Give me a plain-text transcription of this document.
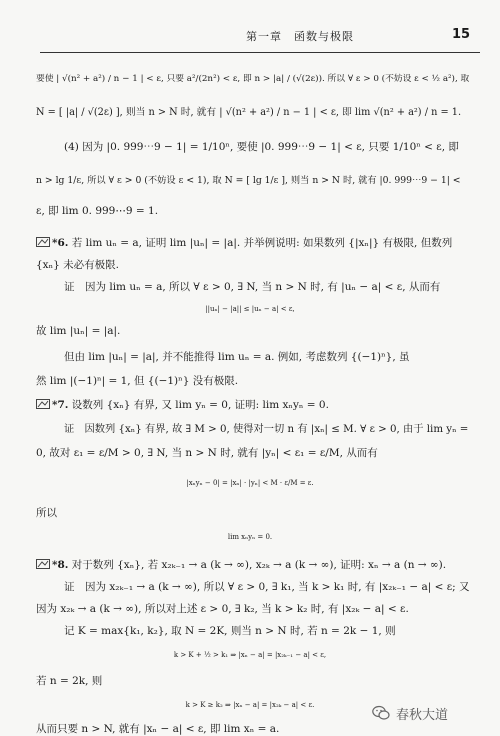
第一章　函数与极限	15
要使 | √(n² + a²) / n − 1 | < ε, 只要 a²/(2n²) < ε, 即 n > |a| / (√(2ε)). 所以 ∀ ε > 0 (不妨设 ε < ½ a²), 取
N = [ |a| / √(2ε) ], 则当 n > N 时, 就有 | √(n² + a²) / n − 1 | < ε, 即 lim √(n² + a²) / n = 1.
(4) 因为 |0. 999⋯9 − 1| = 1/10ⁿ, 要使 |0. 999⋯9 − 1| < ε, 只要 1/10ⁿ < ε, 即
n > lg 1/ε, 所以 ∀ ε > 0 (不妨设 ε < 1), 取 N = [ lg 1/ε ], 则当 n > N 时, 就有 |0. 999⋯9 − 1| <
ε, 即 lim 0. 999⋯9 = 1.
*6. 若 lim uₙ = a, 证明 lim |uₙ| = |a|. 并举例说明: 如果数列 {|xₙ|} 有极限, 但数列
{xₙ} 未必有极限.
证　因为 lim uₙ = a, 所以 ∀ ε > 0, ∃ N, 当 n > N 时, 有 |uₙ − a| < ε, 从而有
||uₙ| − |a|| ≤ |uₙ − a| < ε,
故 lim |uₙ| = |a|.
但由 lim |uₙ| = |a|, 并不能推得 lim uₙ = a. 例如, 考虑数列 {(−1)ⁿ}, 虽
然 lim |(−1)ⁿ| = 1, 但 {(−1)ⁿ} 没有极限.
*7. 设数列 {xₙ} 有界, 又 lim yₙ = 0, 证明: lim xₙyₙ = 0.
证　因数列 {xₙ} 有界, 故 ∃ M > 0, 使得对一切 n 有 |xₙ| ≤ M. ∀ ε > 0, 由于 lim yₙ =
0, 故对 ε₁ = ε/M > 0, ∃ N, 当 n > N 时, 就有 |yₙ| < ε₁ = ε/M, 从而有
|xₙyₙ − 0| = |xₙ| · |yₙ| < M · ε/M = ε.
所以
lim xₙyₙ = 0.
*8. 对于数列 {xₙ}, 若 x₂ₖ₋₁ → a (k → ∞), x₂ₖ → a (k → ∞), 证明: xₙ → a (n → ∞).
证　因为 x₂ₖ₋₁ → a (k → ∞), 所以 ∀ ε > 0, ∃ k₁, 当 k > k₁ 时, 有 |x₂ₖ₋₁ − a| < ε; 又
因为 x₂ₖ → a (k → ∞), 所以对上述 ε > 0, ∃ k₂, 当 k > k₂ 时, 有 |x₂ₖ − a| < ε.
记 K = max{k₁, k₂}, 取 N = 2K, 则当 n > N 时, 若 n = 2k − 1, 则
k > K + ½ > k₁ ⇒ |xₙ − a| = |x₂ₖ₋₁ − a| < ε,
若 n = 2k, 则
k > K ≥ k₂ ⇒ |xₙ − a| = |x₂ₖ − a| < ε.
从而只要 n > N, 就有 |xₙ − a| < ε, 即 lim xₙ = a.
春秋大道
